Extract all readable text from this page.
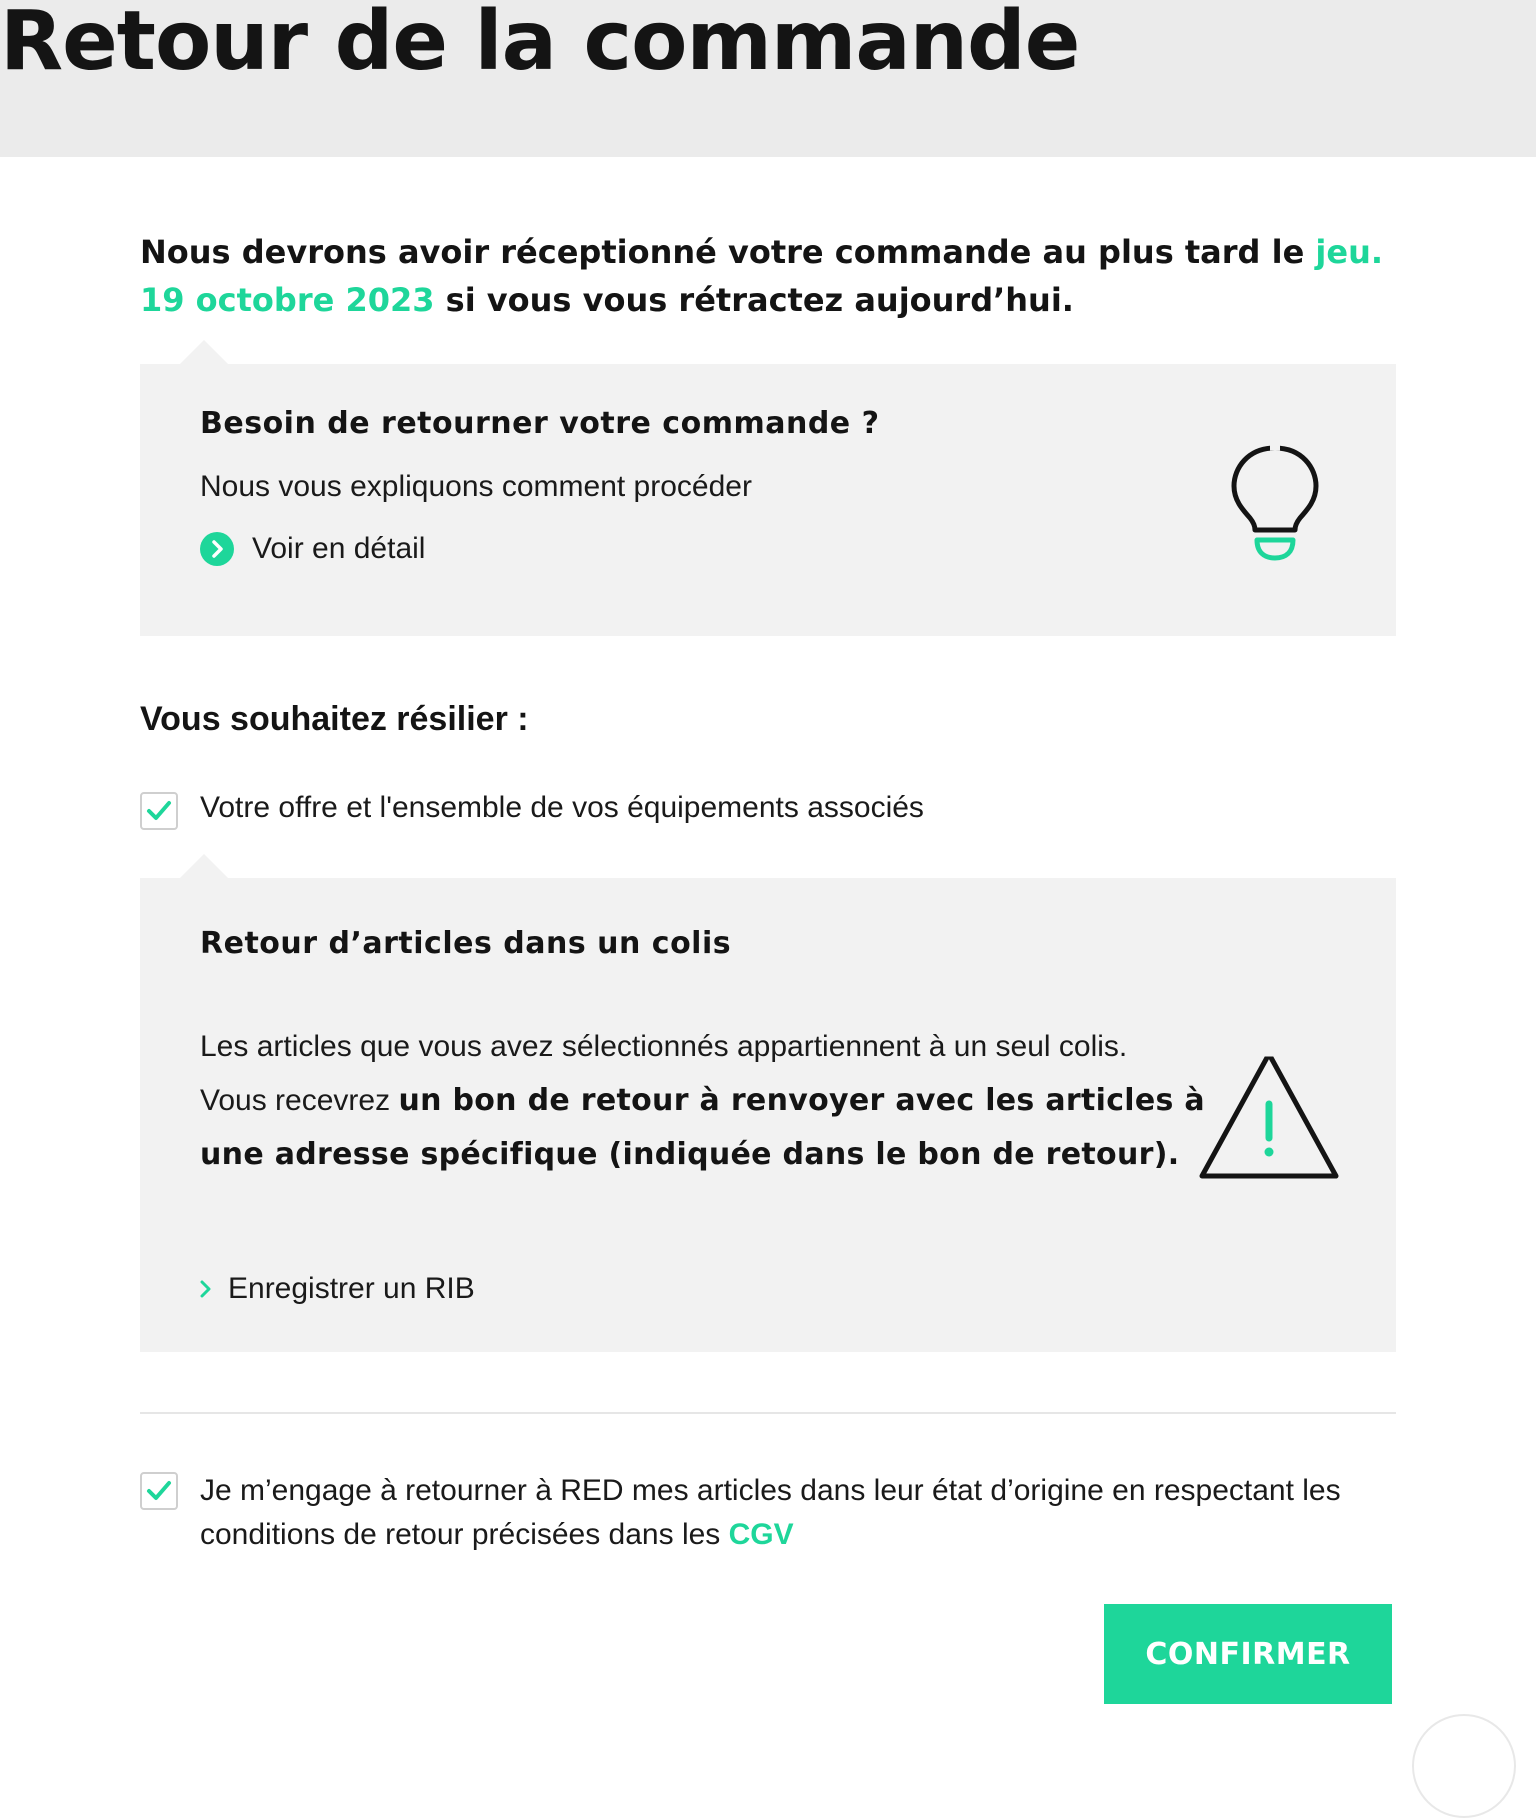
Retour de la commande

Nous devrons avoir réceptionné votre commande au plus tard le jeu. 19 octobre 2023 si vous vous rétractez aujourd’hui.

Besoin de retourner votre commande ?

Nous vous expliquons comment procéder

Voir en détail
Vous souhaitez résilier :

Votre offre et l'ensemble de vos équipements associés

Retour d’articles dans un colis

Les articles que vous avez sélectionnés appartiennent à un seul colis.
Vous recevrez un bon de retour à renvoyer avec les articles à une adresse spécifique (indiquée dans le bon de retour).

Enregistrer un RIB

Je m’engage à retourner à RED mes articles dans leur état d’origine en respectant les conditions de retour précisées dans les CGV

CONFIRMER
